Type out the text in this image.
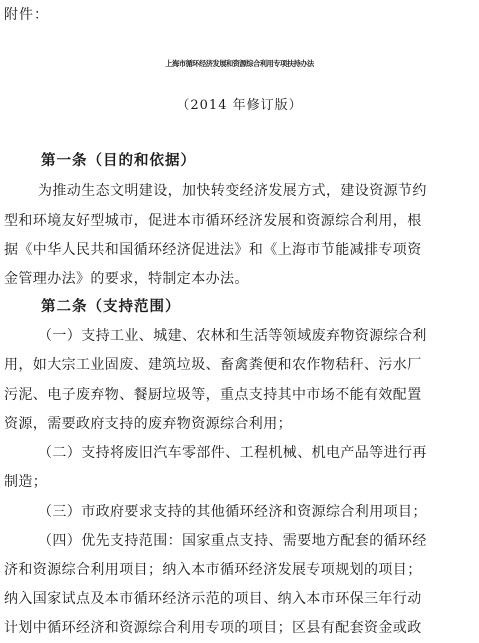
附件：
上海市循环经济发展和资源综合利用专项扶持办法
（2014 年修订版）
第一条（目的和依据）
为推动生态文明建设，加快转变经济发展方式，建设资源节约
型和环境友好型城市，促进本市循环经济发展和资源综合利用，根
据《中华人民共和国循环经济促进法》和《上海市节能减排专项资
金管理办法》的要求，特制定本办法。
第二条（支持范围）
（一）支持工业、城建、农林和生活等领域废弃物资源综合利
用，如大宗工业固废、建筑垃圾、畜禽粪便和农作物秸秆、污水厂
污泥、电子废弃物、餐厨垃圾等，重点支持其中市场不能有效配置
资源，需要政府支持的废弃物资源综合利用；
（二）支持将废旧汽车零部件、工程机械、机电产品等进行再
制造；
（三）市政府要求支持的其他循环经济和资源综合利用项目；
（四）优先支持范围：国家重点支持、需要地方配套的循环经
济和资源综合利用项目；纳入本市循环经济发展专项规划的项目；
纳入国家试点及本市循环经济示范的项目、纳入本市环保三年行动
计划中循环经济和资源综合利用专项的项目；区县有配套资金或政
